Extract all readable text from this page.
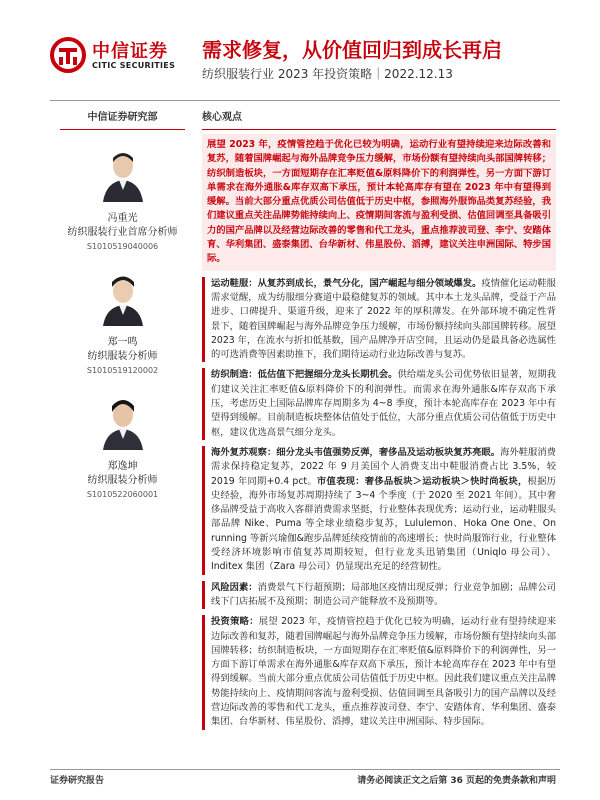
中信证券
CITIC SECURITIES
需求修复，从价值回归到成长再启
纺织服装行业 2023 年投资策略｜2022.12.13
中信证券研究部
冯重光
纺织服装行业首席分析师
S1010519040006
郑一鸣
纺织服装分析师
S1010519120002
郑逸坤
纺织服装分析师
S1010522060001
核心观点
展望 2023 年，疫情管控趋于优化已较为明确，运动行业有望持续迎来边际改善和复苏，随着国牌崛起与海外品牌竞争压力缓解，市场份额有望持续向头部国牌转移；纺织制造板块，一方面短期存在汇率贬值&原料降价下的利润弹性，另一方面下游订单需求在海外通胀&库存双高下承压，预计本轮高库存有望在 2023 年中有望得到缓解。当前大部分重点优质公司估值低于历史中枢，参照海外服饰品类复苏经验，我们建议重点关注品牌势能持续向上、疫情期间客流与盈利受损、估值回调至具备吸引力的国产品牌以及经营边际改善的零售和代工龙头，重点推荐波司登、李宁、安踏体育、华利集团、盛泰集团、台华新材、伟星股份、滔搏，建议关注申洲国际、特步国际。
运动鞋服：从复苏到成长，景气分化，国产崛起与细分领域爆发。疫情催化运动鞋服需求觉醒，成为纺服细分赛道中最稳健复苏的领域。其中本土龙头品牌，受益于产品进步、口碑提升、渠道升级，迎来了 2022 年的厚积薄发。在外部环境不确定性背景下，随着国牌崛起与海外品牌竞争压力缓解，市场份额持续向头部国牌转移。展望 2023 年，在流水与折扣低基数，国产品牌净开店空间，且运动仍是最具备必选属性的可选消费等因素助推下，我们期待运动行业边际改善与复苏。
纺织制造：低估值下把握细分龙头长期机会。供给端龙头公司优势依旧显著，短期我们建议关注汇率贬值&原料降价下的利润弹性。而需求在海外通胀&库存双高下承压，考虑历史上国际品牌库存周期多为 4~8 季度，预计本轮高库存在 2023 年中有望得到缓解。目前制造板块整体估值处于低位，大部分重点优质公司估值低于历史中枢，建议优选高景气细分龙头。
海外复苏观察：细分龙头韦值强势反弹，奢侈品及运动板块复苏亮眼。海外鞋服消费需求保持稳定复苏，2022 年 9 月美国个人消费支出中鞋服消费占比 3.5%，较 2019 年同期+0.4 pct。市值表现：奢侈品板块＞运动板块＞快时尚板块，根据历史经验，海外市场复苏周期持续了 3~4 个季度（于 2020 至 2021 年间）。其中奢侈品牌受益于高收入客群消费需求坚挺，行业整体表现优秀；运动行业，运动鞋服头部品牌 Nike、Puma 等全球业绩稳步复苏，Lululemon、Hoka One One、On running 等新兴瑜伽&跑步品牌延续疫情前的高速增长；快时尚服饰行业，行业整体受经济环境影响市值复苏周期较短，但行业龙头迅销集团（Uniqlo 母公司）、Inditex 集团（Zara 母公司）仍显现出充足的经营韧性。
风险因素：消费景气下行超预期；局部地区疫情出现反弹；行业竞争加剧；品牌公司线下门店拓展不及预期；制造公司产能释放不及预期等。
投资策略：展望 2023 年，疫情管控趋于优化已较为明确，运动行业有望持续迎来边际改善和复苏，随着国牌崛起与海外品牌竞争压力缓解，市场份额有望持续向头部国牌转移；纺织制造板块，一方面短期存在汇率贬值&原料降价下的利润弹性，另一方面下游订单需求在海外通胀&库存双高下承压，预计本轮高库存在 2023 年中有望得到缓解。当前大部分重点优质公司估值低于历史中枢。因此我们建议重点关注品牌势能持续向上、疫情期间客流与盈利受损、估值回调至具备吸引力的国产品牌以及经营边际改善的零售和代工龙头，重点推荐波司登、李宁、安踏体育、华利集团、盛泰集团、台华新材、伟星股份、滔搏，建议关注申洲国际、特步国际。
证券研究报告	请务必阅读正文之后第 36 页起的免责条款和声明
